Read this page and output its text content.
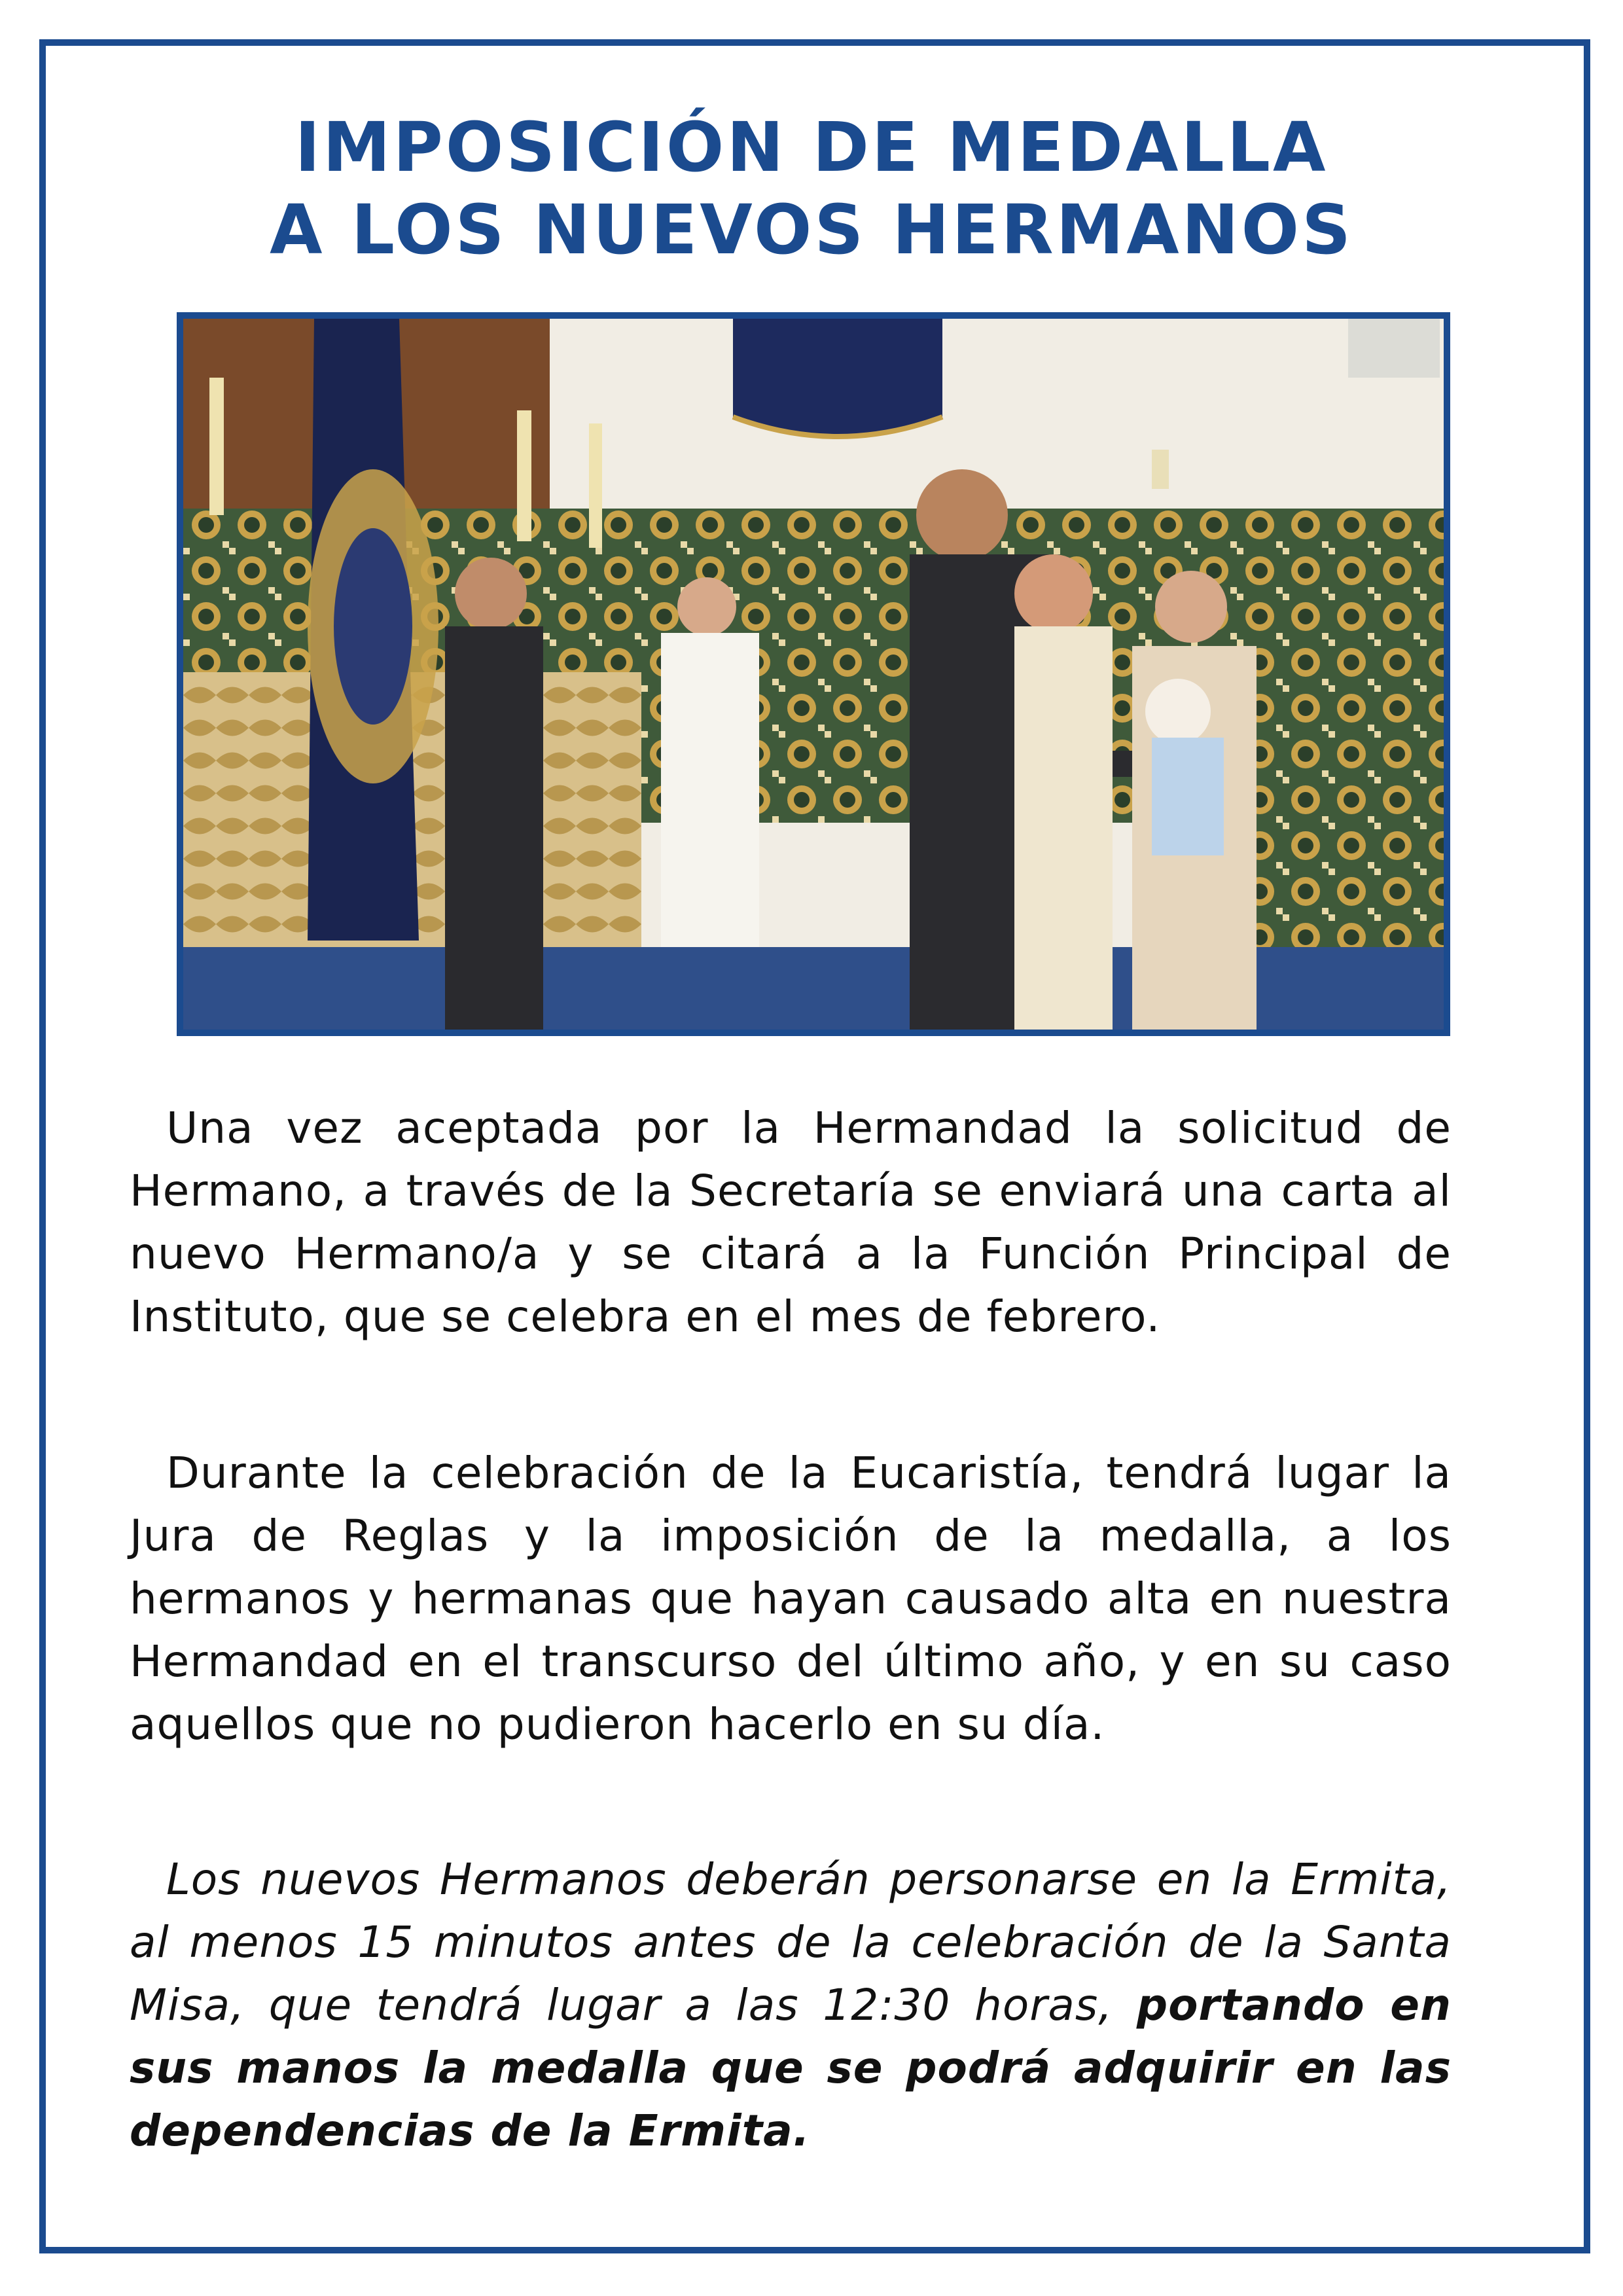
IMPOSICIÓN DE MEDALLA
A LOS NUEVOS HERMANOS

Una vez aceptada por la Hermandad la solicitud de Hermano, a través de la Secretaría se enviará una carta al nuevo Hermano/a y se citará a la Función Principal de Instituto, que se celebra en el mes de febrero.

Durante la celebración de la Eucaristía, tendrá lugar la Jura de Reglas y la imposición de la medalla, a los hermanos y hermanas que hayan causado alta en nuestra Hermandad en el transcurso del último año, y en su caso aquellos que no pudieron hacerlo en su día.

Los nuevos Hermanos deberán personarse en la Ermita, al menos 15 minutos antes de la celebración de la Santa Misa, que tendrá lugar a las 12:30 horas, portando en sus manos la medalla que se podrá adquirir en las dependencias de la Ermita.
